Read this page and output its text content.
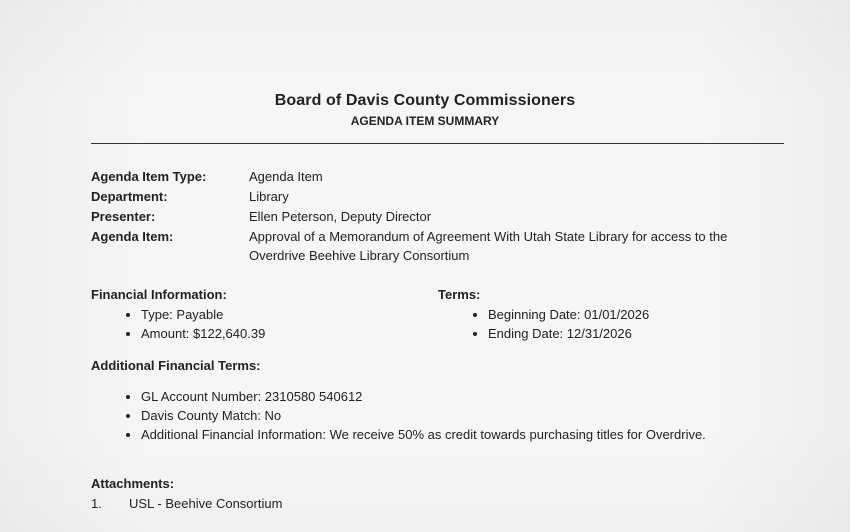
Board of Davis County Commissioners
AGENDA ITEM SUMMARY
Agenda Item Type:	Agenda Item
Department:	Library
Presenter:	Ellen Peterson, Deputy Director
Agenda Item:	Approval of a Memorandum of Agreement With Utah State Library for access to the Overdrive Beehive Library Consortium
Financial Information:
• Type: Payable
• Amount: $122,640.39
Terms:
• Beginning Date: 01/01/2026
• Ending Date: 12/31/2026
Additional Financial Terms:
• GL Account Number: 2310580 540612
• Davis County Match: No
• Additional Financial Information: We receive 50% as credit towards purchasing titles for Overdrive.
Attachments:
1.	USL - Beehive Consortium
